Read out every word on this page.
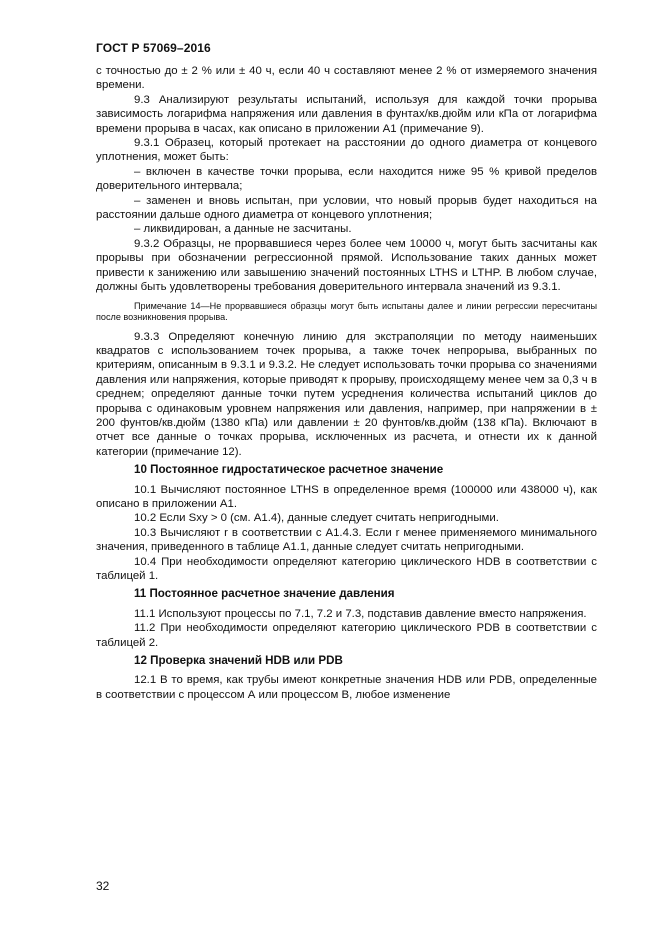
ГОСТ Р 57069–2016

с точностью до ± 2 % или ± 40 ч, если 40 ч составляют менее 2 % от измеряемого значения времени.

9.3 Анализируют результаты испытаний, используя для каждой точки прорыва зависимость логарифма напряжения или давления в фунтах/кв.дюйм или кПа от логарифма времени прорыва в часах, как описано в приложении А1 (примечание 9).

9.3.1 Образец, который протекает на расстоянии до одного диаметра от концевого уплотнения, может быть:

– включен в качестве точки прорыва, если находится ниже 95 % кривой пределов доверительного интервала;

– заменен и вновь испытан, при условии, что новый прорыв будет находиться на расстоянии дальше одного диаметра от концевого уплотнения;

– ликвидирован, а данные не засчитаны.

9.3.2 Образцы, не прорвавшиеся через более чем 10000 ч, могут быть засчитаны как прорывы при обозначении регрессионной прямой. Использование таких данных может привести к занижению или завышению значений постоянных LTHS и LTHP. В любом случае, должны быть удовлетворены требования доверительного интервала значений из 9.3.1.

Примечание 14—Не прорвавшиеся образцы могут быть испытаны далее и линии регрессии пересчитаны после возникновения прорыва.

9.3.3 Определяют конечную линию для экстраполяции по методу наименьших квадратов с использованием точек прорыва, а также точек непрорыва, выбранных по критериям, описанным в 9.3.1 и 9.3.2. Не следует использовать точки прорыва со значениями давления или напряжения, которые приводят к прорыву, происходящему менее чем за 0,3 ч в среднем; определяют данные точки путем усреднения количества испытаний циклов до прорыва с одинаковым уровнем напряжения или давления, например, при напряжении в ± 200 фунтов/кв.дюйм (1380 кПа) или давлении ± 20 фунтов/кв.дюйм (138 кПа). Включают в отчет все данные о точках прорыва, исключенных из расчета, и отнести их к данной категории (примечание 12).

10 Постоянное гидростатическое расчетное значение

10.1 Вычисляют постоянное LTHS в определенное время (100000 или 438000 ч), как описано в приложении А1.

10.2 Если Sxy > 0 (см. А1.4), данные следует считать непригодными.

10.3 Вычисляют r в соответствии с А1.4.3. Если r менее применяемого минимального значения, приведенного в таблице А1.1, данные следует считать непригодными.

10.4 При необходимости определяют категорию циклического HDB в соответствии с таблицей 1.

11 Постоянное расчетное значение давления

11.1 Используют процессы по 7.1, 7.2 и 7.3, подставив давление вместо напряжения.

11.2 При необходимости определяют категорию циклического PDB в соответствии с таблицей 2.

12 Проверка значений HDB или PDB

12.1 В то время, как трубы имеют конкретные значения HDB или PDB, определенные в соответствии с процессом А или процессом В, любое изменение

32
